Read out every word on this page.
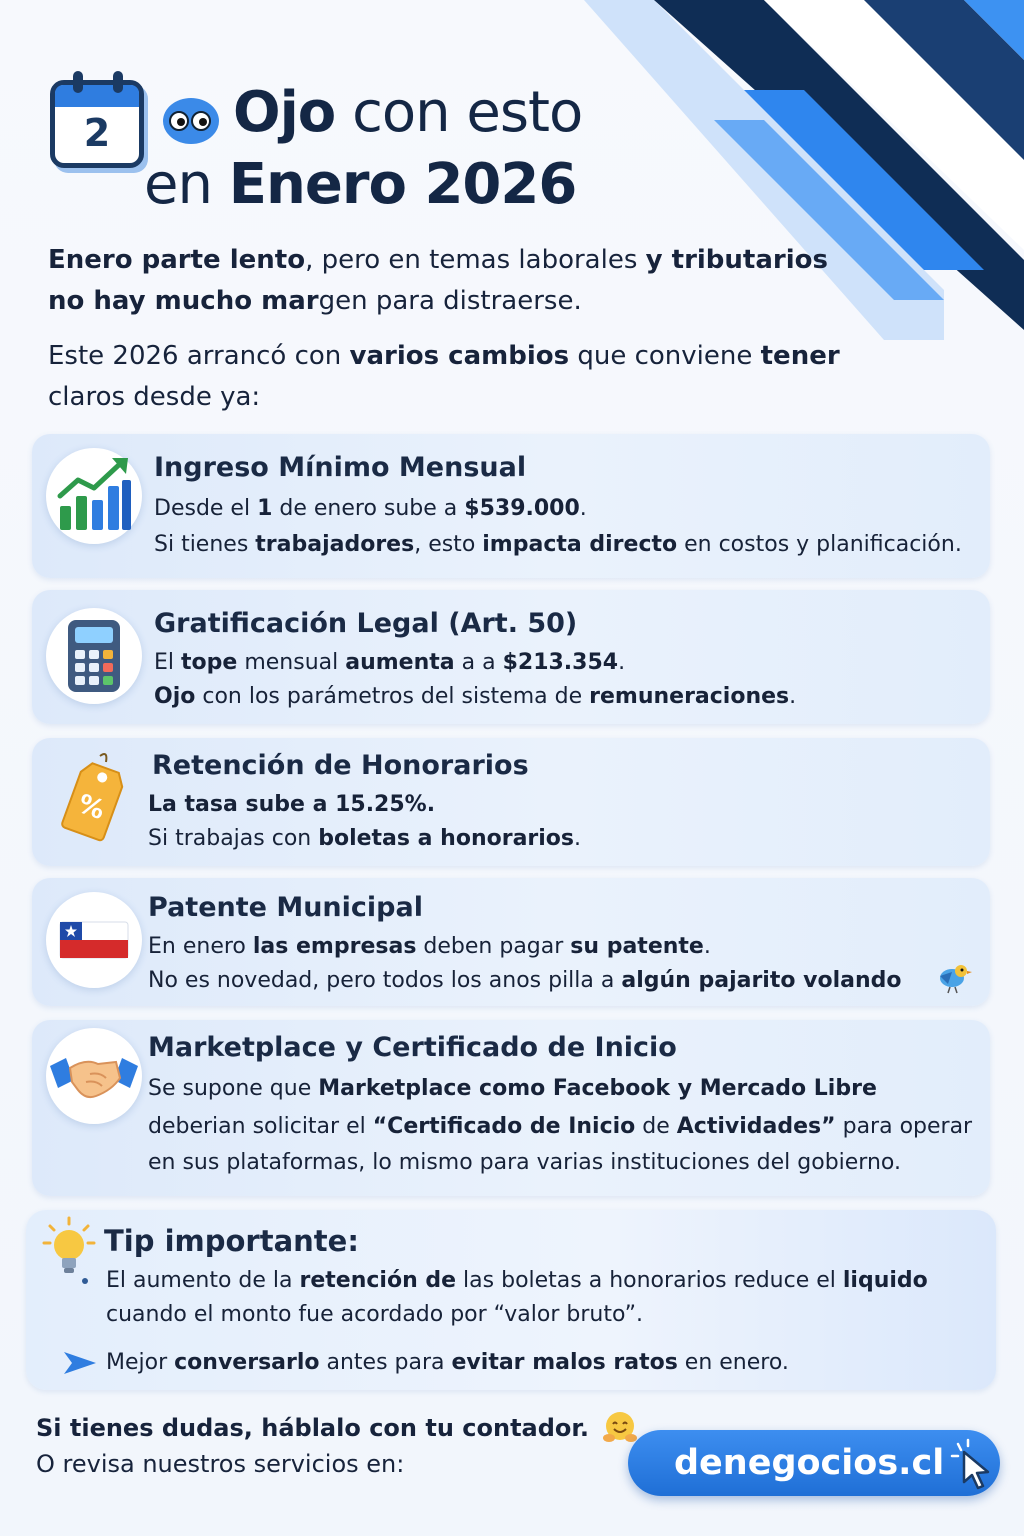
2	Ojo con esto
en Enero 2026
Enero parte lento, pero en temas laborales y tributarios no hay mucho margen para distraerse.
Este 2026 arrancó con varios cambios que conviene tener claros desde ya:
Ingreso Mínimo Mensual
Desde el 1 de enero sube a $539.000.
Si tienes trabajadores, esto impacta directo en costos y planificación.
Gratificación Legal (Art. 50)
El tope mensual aumenta a a $213.354.
Ojo con los parámetros del sistema de remuneraciones.
%
Retención de Honorarios
La tasa sube a 15.25%.
Si trabajas con boletas a honorarios.
Patente Municipal
En enero las empresas deben pagar su patente.
No es novedad, pero todos los anos pilla a algún pajarito volando
Marketplace y Certificado de Inicio
Se supone que Marketplace como Facebook y Mercado Libre
deberian solicitar el “Certificado de Inicio de Actividades” para operar
en sus plataformas, lo mismo para varias instituciones del gobierno.
Tip importante:
El aumento de la retención de las boletas a honorarios reduce el liquido
cuando el monto fue acordado por “valor bruto”.
Mejor conversarlo antes para evitar malos ratos en enero.
Si tienes dudas, háblalo con tu contador.
O revisa nuestros servicios en:	denegocios.cl
